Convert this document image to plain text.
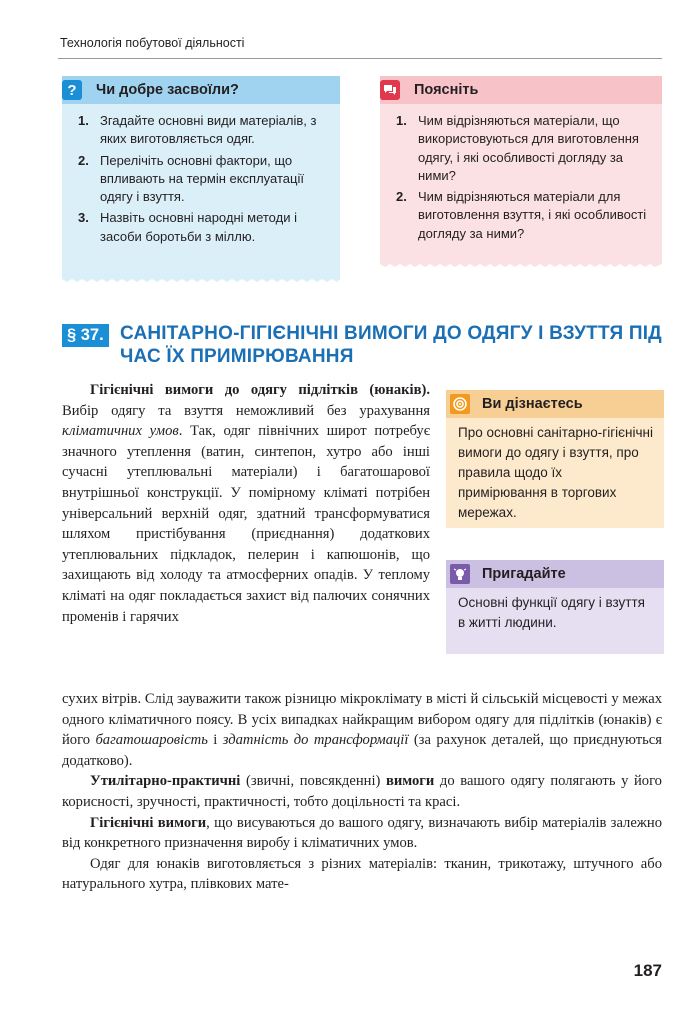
Технологія побутової діяльності
?	Чи добре засвоїли?
1. Згадайте основні види матеріалів, з яких виготовляється одяг.
2. Перелічіть основні фактори, що впливають на термін експлуатації одягу і взуття.
3. Назвіть основні народні методи і засоби боротьби з міллю.
Поясніть
1. Чим відрізняються матеріали, що використовуються для виготовлення одягу, і які особливості догляду за ними?
2. Чим відрізняються матеріали для виготовлення взуття, і які особливості догляду за ними?
§ 37. САНІТАРНО-ГІГІЄНІЧНІ ВИМОГИ ДО ОДЯГУ І ВЗУТТЯ ПІД ЧАС ЇХ ПРИМІРЮВАННЯ

Гігієнічні вимоги до одягу підлітків (юнаків). Вибір одягу та взуття неможливий без урахування кліматичних умов. Так, одяг північних широт потребує значного утеплення (ватин, синтепон, хутро або інші сучасні утеплювальні матеріали) і багатошарової внутрішньої конструкції. У помірному кліматі потрібен універсальний верхній одяг, здатний трансформуватися шляхом пристібування (приєднання) додаткових утеплювальних підкладок, пелерин і капюшонів, що захищають від холоду та атмосферних опадів. У теплому кліматі на одяг покладається захист від палючих сонячних променів і гарячих

Ви дізнаєтесь
Про основні санітарно-гігієнічні вимоги до одягу і взуття, про правила щодо їх примірювання в торгових мережах.
Пригадайте
Основні функції одягу і взуття в житті людини.

сухих вітрів. Слід зауважити також різницю мікроклімату в місті й сільській місцевості у межах одного кліматичного поясу. В усіх випадках найкращим вибором одягу для підлітків (юнаків) є його багатошаровість і здатність до трансформації (за рахунок деталей, що приєднуються додатково).

Утилітарно-практичні (звичні, повсякденні) вимоги до вашого одягу полягають у його корисності, зручності, практичності, тобто доцільності та красі.

Гігієнічні вимоги, що висуваються до вашого одягу, визначають вибір матеріалів залежно від конкретного призначення виробу і кліматичних умов.

Одяг для юнаків виготовляється з різних матеріалів: тканин, трикотажу, штучного або натурального хутра, плівкових мате-

187
